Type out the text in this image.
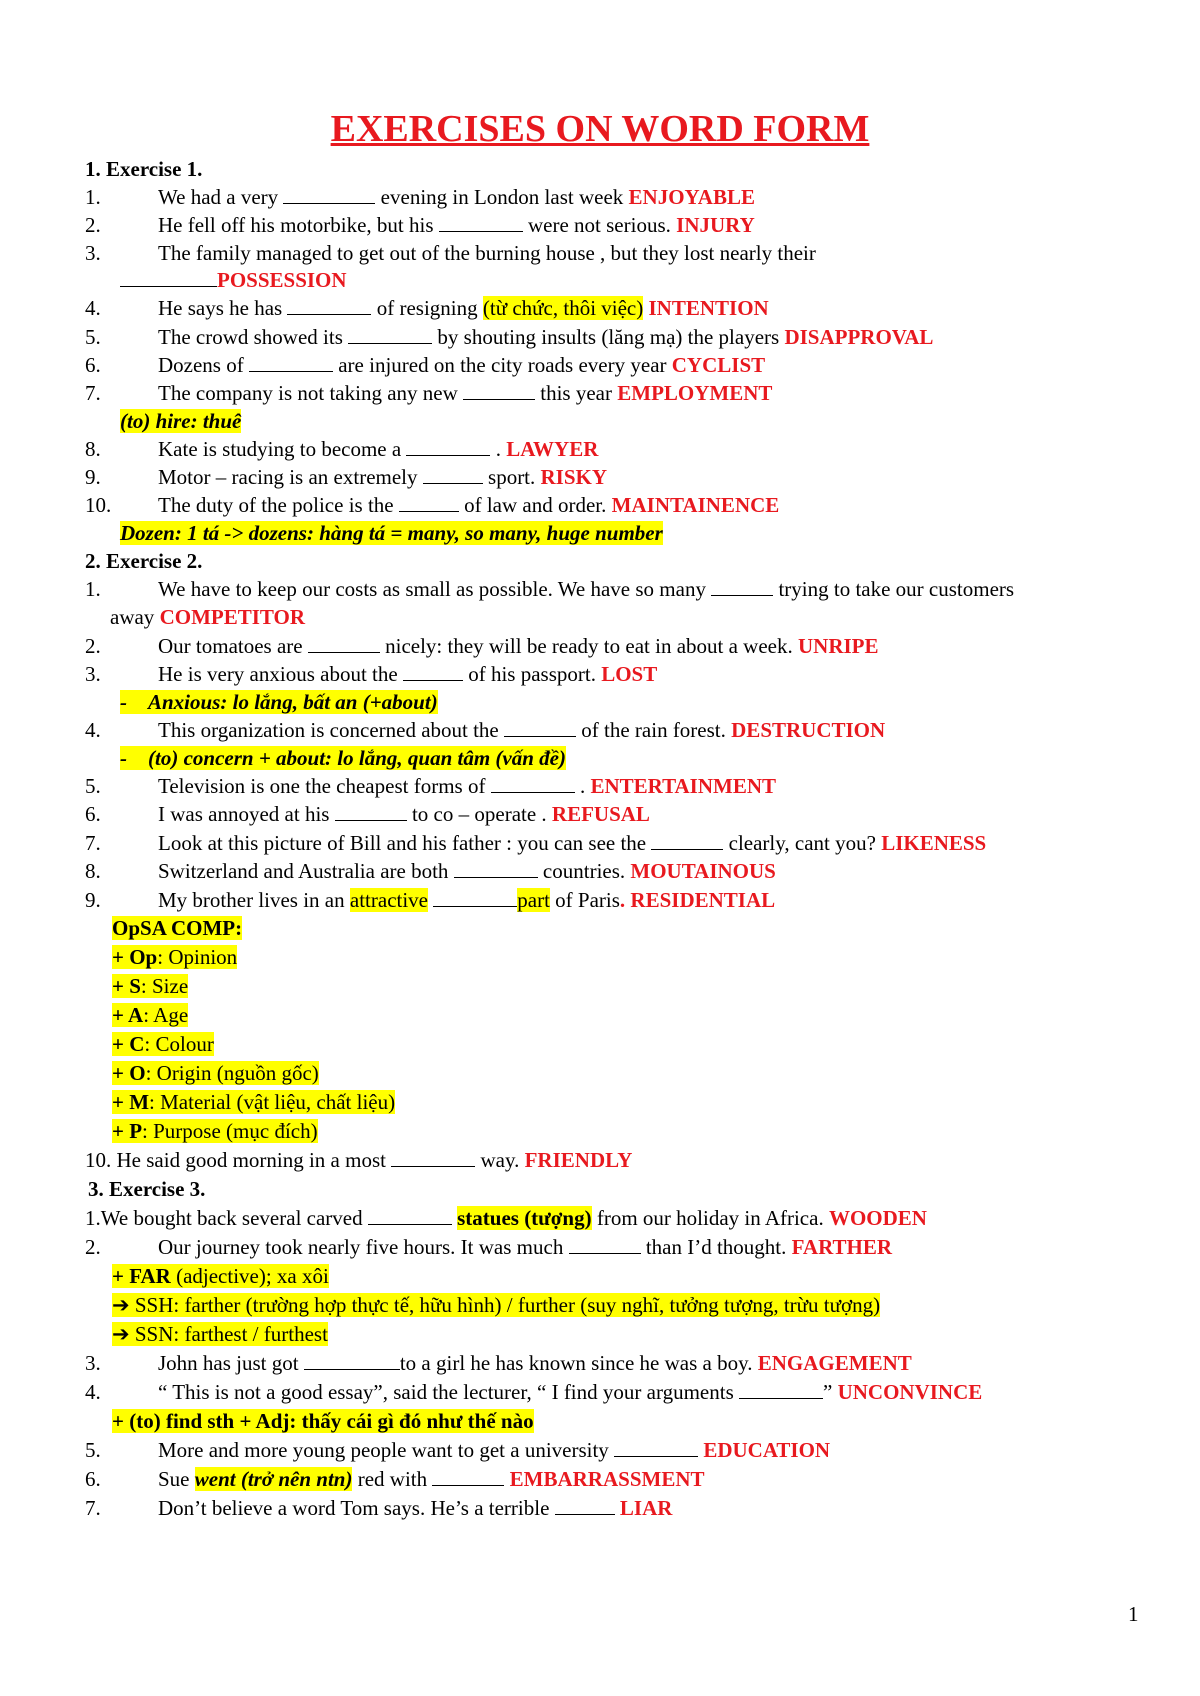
EXERCISES ON WORD FORM
1. Exercise 1.
1.	We had a very	evening in London last week ENJOYABLE
2.	He fell off his motorbike, but his	were not serious. INJURY
3.	The family managed to get out of the burning house , but they lost nearly their
POSSESSION
4.	He says he has	of resigning (từ chức, thôi việc) INTENTION
5.	The crowd showed its	by shouting insults (lăng mạ) the players DISAPPROVAL
6.	Dozens of	are injured on the city roads every year CYCLIST
7.	The company is not taking any new	this year EMPLOYMENT
(to) hire: thuê
8.	Kate is studying to become a	. LAWYER
9.	Motor – racing is an extremely	sport. RISKY
10. The duty of the police is the	of law and order. MAINTAINENCE
Dozen: 1 tá -> dozens: hàng tá = many, so many, huge number
2. Exercise 2.
1.	We have to keep our costs as small as possible. We have so many	trying to take our customers
away COMPETITOR
2.	Our tomatoes are	nicely: they will be ready to eat in about a week. UNRIPE
3.	He is very anxious about the	of his passport. LOST
- Anxious: lo lắng, bất an (+about)
4.	This organization is concerned about the	of the rain forest. DESTRUCTION
- (to) concern + about: lo lắng, quan tâm (vấn đề)
5.	Television is one the cheapest forms of	. ENTERTAINMENT
6.	I was annoyed at his	to co – operate . REFUSAL
7.	Look at this picture of Bill and his father : you can see the	clearly, cant you? LIKENESS
8.	Switzerland and Australia are both	countries. MOUTAINOUS
9.	My brother lives in an attractive	part of Paris. RESIDENTIAL
OpSA COMP:
+ Op: Opinion
+ S: Size
+ A: Age
+ C: Colour
+ O: Origin (nguồn gốc)
+ M: Material (vật liệu, chất liệu)
+ P: Purpose (mục đích)
10. He said good morning in a most	way. FRIENDLY
3. Exercise 3.
1.We bought back several carved	statues (tượng) from our holiday in Africa. WOODEN
2.	Our journey took nearly five hours. It was much	than I’d thought. FARTHER
+ FAR (adjective); xa xôi
➔ SSH: farther (trường hợp thực tế, hữu hình) / further (suy nghĩ, tưởng tượng, trừu tượng)
➔ SSN: farthest / furthest
3.	John has just got	to a girl he has known since he was a boy. ENGAGEMENT
4.	“ This is not a good essay”, said the lecturer, “ I find your arguments	” UNCONVINCE
+ (to) find sth + Adj: thấy cái gì đó như thế nào
5.	More and more young people want to get a university	EDUCATION
6.	Sue went (trở nên ntn) red with	EMBARRASSMENT
7.	Don’t believe a word Tom says. He’s a terrible	LIAR
1
